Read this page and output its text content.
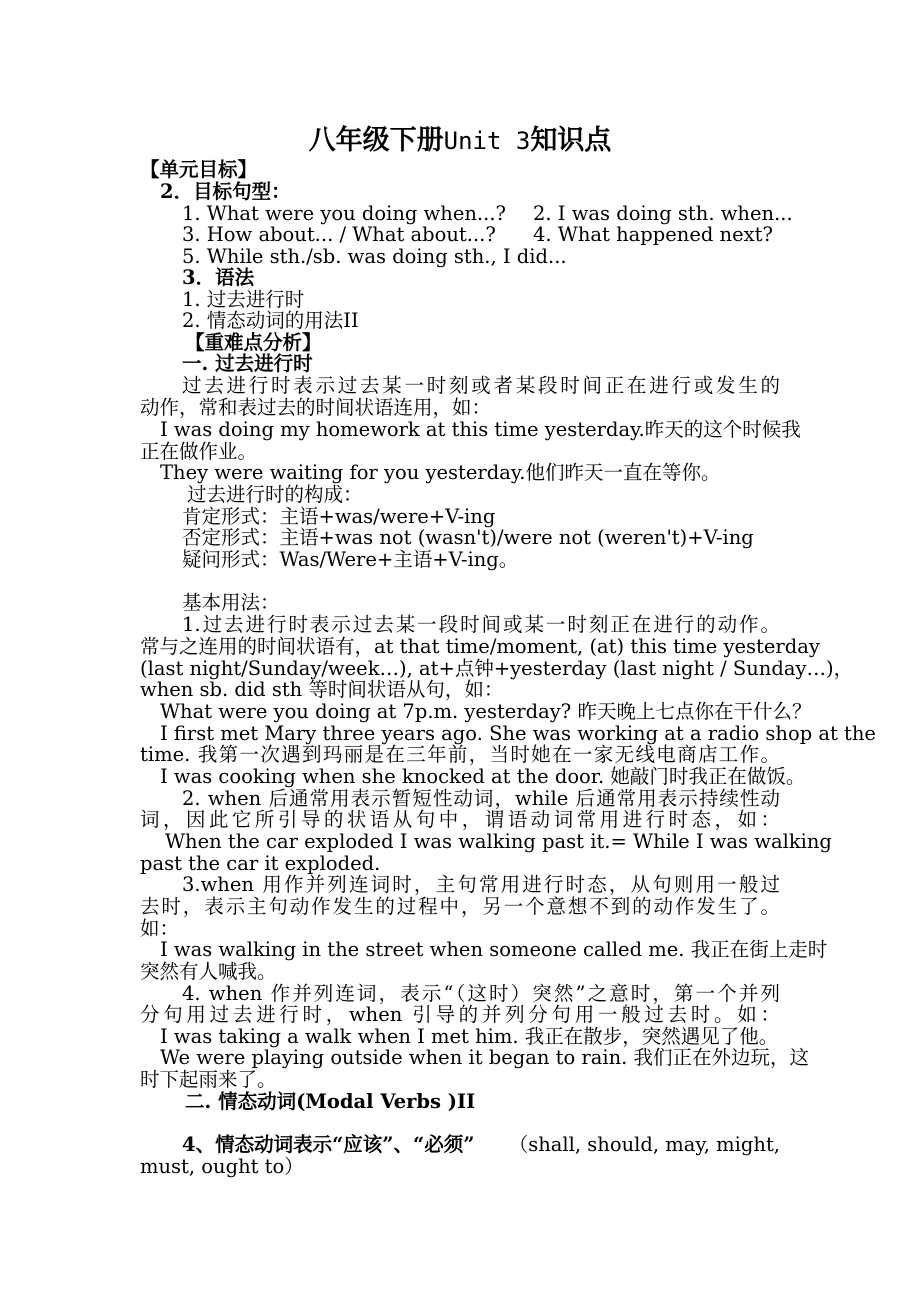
八年级下册Unit 3知识点
【单元目标】
2．目标句型：
1. What were you doing when...? 2. I was doing sth. when...
3. How about... / What about...? 4. What happened next?
5. While sth./sb. was doing sth., I did...
3．语法
1. 过去进行时
2. 情态动词的用法II
【重难点分析】
一. 过去进行时
过去进行时表示过去某一时刻或者某段时间正在进行或发生的
动作，常和表过去的时间状语连用，如：
I was doing my homework at this time yesterday.昨天的这个时候我
正在做作业。
They were waiting for you yesterday.他们昨天一直在等你。
过去进行时的构成：
肯定形式：主语+was/were+V-ing
否定形式：主语+was not (wasn't)/were not (weren't)+V-ing
疑问形式：Was/Were+主语+V-ing。
基本用法：
1.过去进行时表示过去某一段时间或某一时刻正在进行的动作。
常与之连用的时间状语有，at that time/moment, (at) this time yesterday
(last night/Sunday/week…), at+点钟+yesterday (last night / Sunday…)，
when sb. did sth 等时间状语从句，如：
What were you doing at 7p.m. yesterday? 昨天晚上七点你在干什么？
I first met Mary three years ago. She was working at a radio shop at the
time. 我第一次遇到玛丽是在三年前，当时她在一家无线电商店工作。
I was cooking when she knocked at the door. 她敲门时我正在做饭。
2. when 后通常用表示暂短性动词，while 后通常用表示持续性动
词，因此它所引导的状语从句中，谓语动词常用进行时态，如：
When the car exploded I was walking past it.= While I was walking
past the car it exploded.
3.when 用作并列连词时，主句常用进行时态，从句则用一般过
去时，表示主句动作发生的过程中，另一个意想不到的动作发生了。
如：
I was walking in the street when someone called me. 我正在街上走时
突然有人喊我。
4. when 作并列连词，表示“（这时）突然”之意时，第一个并列
分句用过去进行时，when 引导的并列分句用一般过去时。如：
I was taking a walk when I met him. 我正在散步，突然遇见了他。
We were playing outside when it began to rain. 我们正在外边玩，这
时下起雨来了。
二. 情态动词(Modal Verbs )II
4、情态动词表示“应该”、“必须” （shall, should, may, might,
must, ought to）
